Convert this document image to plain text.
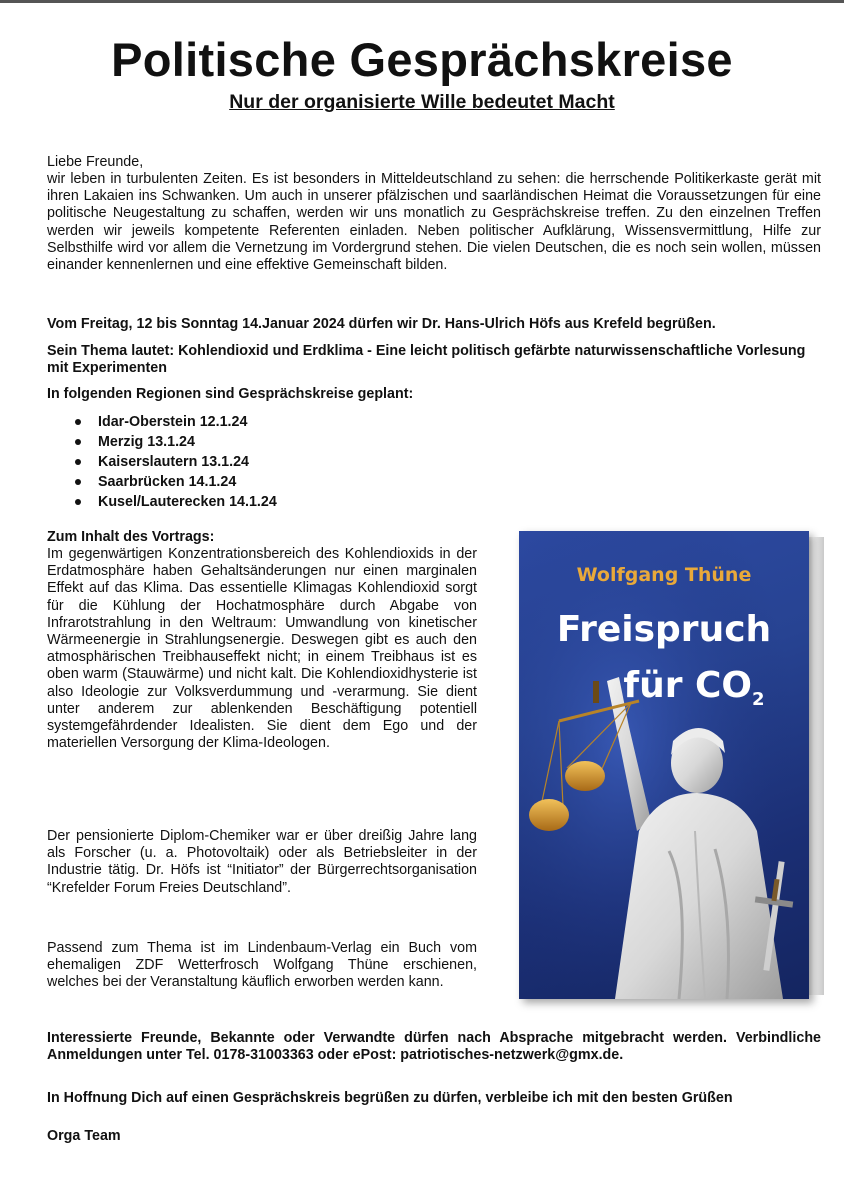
Politische Gesprächskreise
Nur der organisierte Wille bedeutet Macht

Liebe Freunde,

wir leben in turbulenten Zeiten. Es ist besonders in Mitteldeutschland zu sehen: die herrschende Politikerkaste gerät mit ihren Lakaien ins Schwanken. Um auch in unserer pfälzischen und saarländischen Heimat die Voraussetzungen für eine politische Neugestaltung zu schaffen, werden wir uns monatlich zu Gesprächskreise treffen. Zu den einzelnen Treffen werden wir jeweils kompetente Referenten einladen. Neben politischer Aufklärung, Wissensvermittlung, Hilfe zur Selbsthilfe wird vor allem die Vernetzung im Vordergrund stehen. Die vielen Deutschen, die es noch sein wollen, müssen einander kennenlernen und eine effektive Gemeinschaft bilden.

Vom Freitag, 12 bis Sonntag 14.Januar 2024 dürfen wir Dr. Hans-Ulrich Höfs aus Krefeld begrüßen.

Sein Thema lautet: Kohlendioxid und Erdklima - Eine leicht politisch gefärbte naturwissenschaftliche Vorlesung mit Experimenten

In folgenden Regionen sind Gesprächskreise geplant:

Idar-Oberstein 12.1.24
Merzig 13.1.24
Kaiserslautern 13.1.24
Saarbrücken 14.1.24
Kusel/Lauterecken 14.1.24

Zum Inhalt des Vortrags:

Im gegenwärtigen Konzentrationsbereich des Kohlendioxids in der Erdatmosphäre haben Gehaltsänderungen nur einen marginalen Effekt auf das Klima. Das essentielle Klimagas Kohlendioxid sorgt für die Kühlung der Hochatmosphäre durch Abgabe von Infrarotstrahlung in den Weltraum: Umwandlung von kinetischer Wärmeenergie in Strahlungsenergie. Deswegen gibt es auch den atmosphärischen Treibhauseffekt nicht; in einem Treibhaus ist es oben warm (Stauwärme) und nicht kalt. Die Kohlendioxidhysterie ist also Ideologie zur Volksverdummung und -verarmung. Sie dient unter anderem zur ablenkenden Beschäftigung potentiell systemgefährdender Idealisten. Sie dient dem Ego und der materiellen Versorgung der Klima-Ideologen.

Der pensionierte Diplom-Chemiker war er über dreißig Jahre lang als Forscher (u. a. Photovoltaik) oder als Betriebsleiter in der Industrie tätig. Dr. Höfs ist “Initiator” der Bürgerrechtsorganisation “Krefelder Forum Freies Deutschland”.

Passend zum Thema ist im Lindenbaum-Verlag ein Buch vom ehemaligen ZDF Wetterfrosch Wolfgang Thüne erschienen, welches bei der Veranstaltung käuflich erworben werden kann.

Interessierte Freunde, Bekannte oder Verwandte dürfen nach Absprache mitgebracht werden. Verbindliche Anmeldungen unter Tel. 0178-31003363 oder ePost: patriotisches-netzwerk@gmx.de.

In Hoffnung Dich auf einen Gesprächskreis begrüßen zu dürfen, verbleibe ich mit den besten Grüßen

Orga Team

Wolfgang Thüne
Freispruch
für $CO_2$
